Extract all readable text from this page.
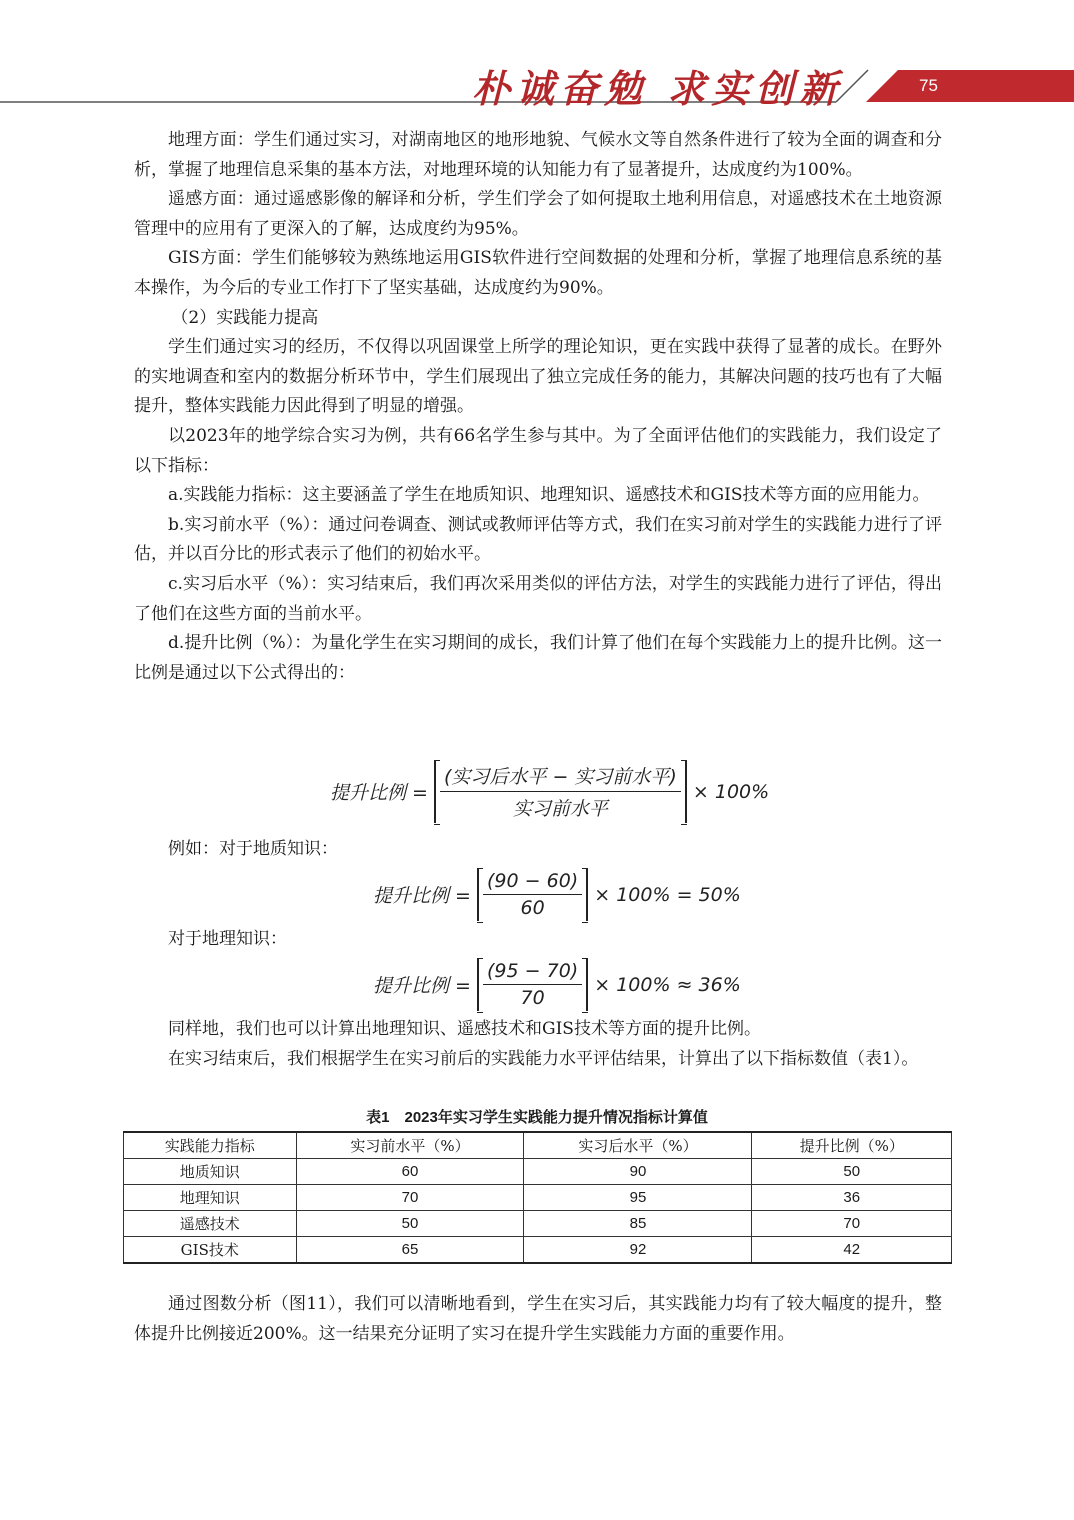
朴诚奋勉 求实创新	75

地理方面：学生们通过实习，对湖南地区的地形地貌、气候水文等自然条件进行了较为全面的调查和分析，掌握了地理信息采集的基本方法，对地理环境的认知能力有了显著提升，达成度约为100%。

遥感方面：通过遥感影像的解译和分析，学生们学会了如何提取土地利用信息，对遥感技术在土地资源管理中的应用有了更深入的了解，达成度约为95%。

GIS方面：学生们能够较为熟练地运用GIS软件进行空间数据的处理和分析，掌握了地理信息系统的基本操作，为今后的专业工作打下了坚实基础，达成度约为90%。

（2）实践能力提高

学生们通过实习的经历，不仅得以巩固课堂上所学的理论知识，更在实践中获得了显著的成长。在野外的实地调查和室内的数据分析环节中，学生们展现出了独立完成任务的能力，其解决问题的技巧也有了大幅提升，整体实践能力因此得到了明显的增强。

以2023年的地学综合实习为例，共有66名学生参与其中。为了全面评估他们的实践能力，我们设定了以下指标：

a.实践能力指标：这主要涵盖了学生在地质知识、地理知识、遥感技术和GIS技术等方面的应用能力。

b.实习前水平（%）：通过问卷调查、测试或教师评估等方式，我们在实习前对学生的实践能力进行了评估，并以百分比的形式表示了他们的初始水平。

c.实习后水平（%）：实习结束后，我们再次采用类似的评估方法，对学生的实践能力进行了评估，得出了他们在这些方面的当前水平。

d.提升比例（%）：为量化学生在实习期间的成长，我们计算了他们在每个实践能力上的提升比例。这一比例是通过以下公式得出的：

提升比例 = $\frac{\text{(实习后水平 − 实习前水平)}}{\text{实习前水平}} \times 100\%$

例如：对于地质知识：

提升比例 = $\frac{(90 - 60)}{60} \times 100\% = 50\%$

对于地理知识：

提升比例 = $\frac{(95 - 70)}{70} \times 100\% \approx 36\%$

同样地，我们也可以计算出地理知识、遥感技术和GIS技术等方面的提升比例。

在实习结束后，我们根据学生在实习前后的实践能力水平评估结果，计算出了以下指标数值（表1）。

表1　2023年实习学生实践能力提升情况指标计算值
实践能力指标	实习前水平（%）	实习后水平（%）	提升比例（%）
地质知识	60	90	50
地理知识	70	95	36
遥感技术	50	85	70
GIS技术	65	92	42

通过图数分析（图11），我们可以清晰地看到，学生在实习后，其实践能力均有了较大幅度的提升，整体提升比例接近200%。这一结果充分证明了实习在提升学生实践能力方面的重要作用。
